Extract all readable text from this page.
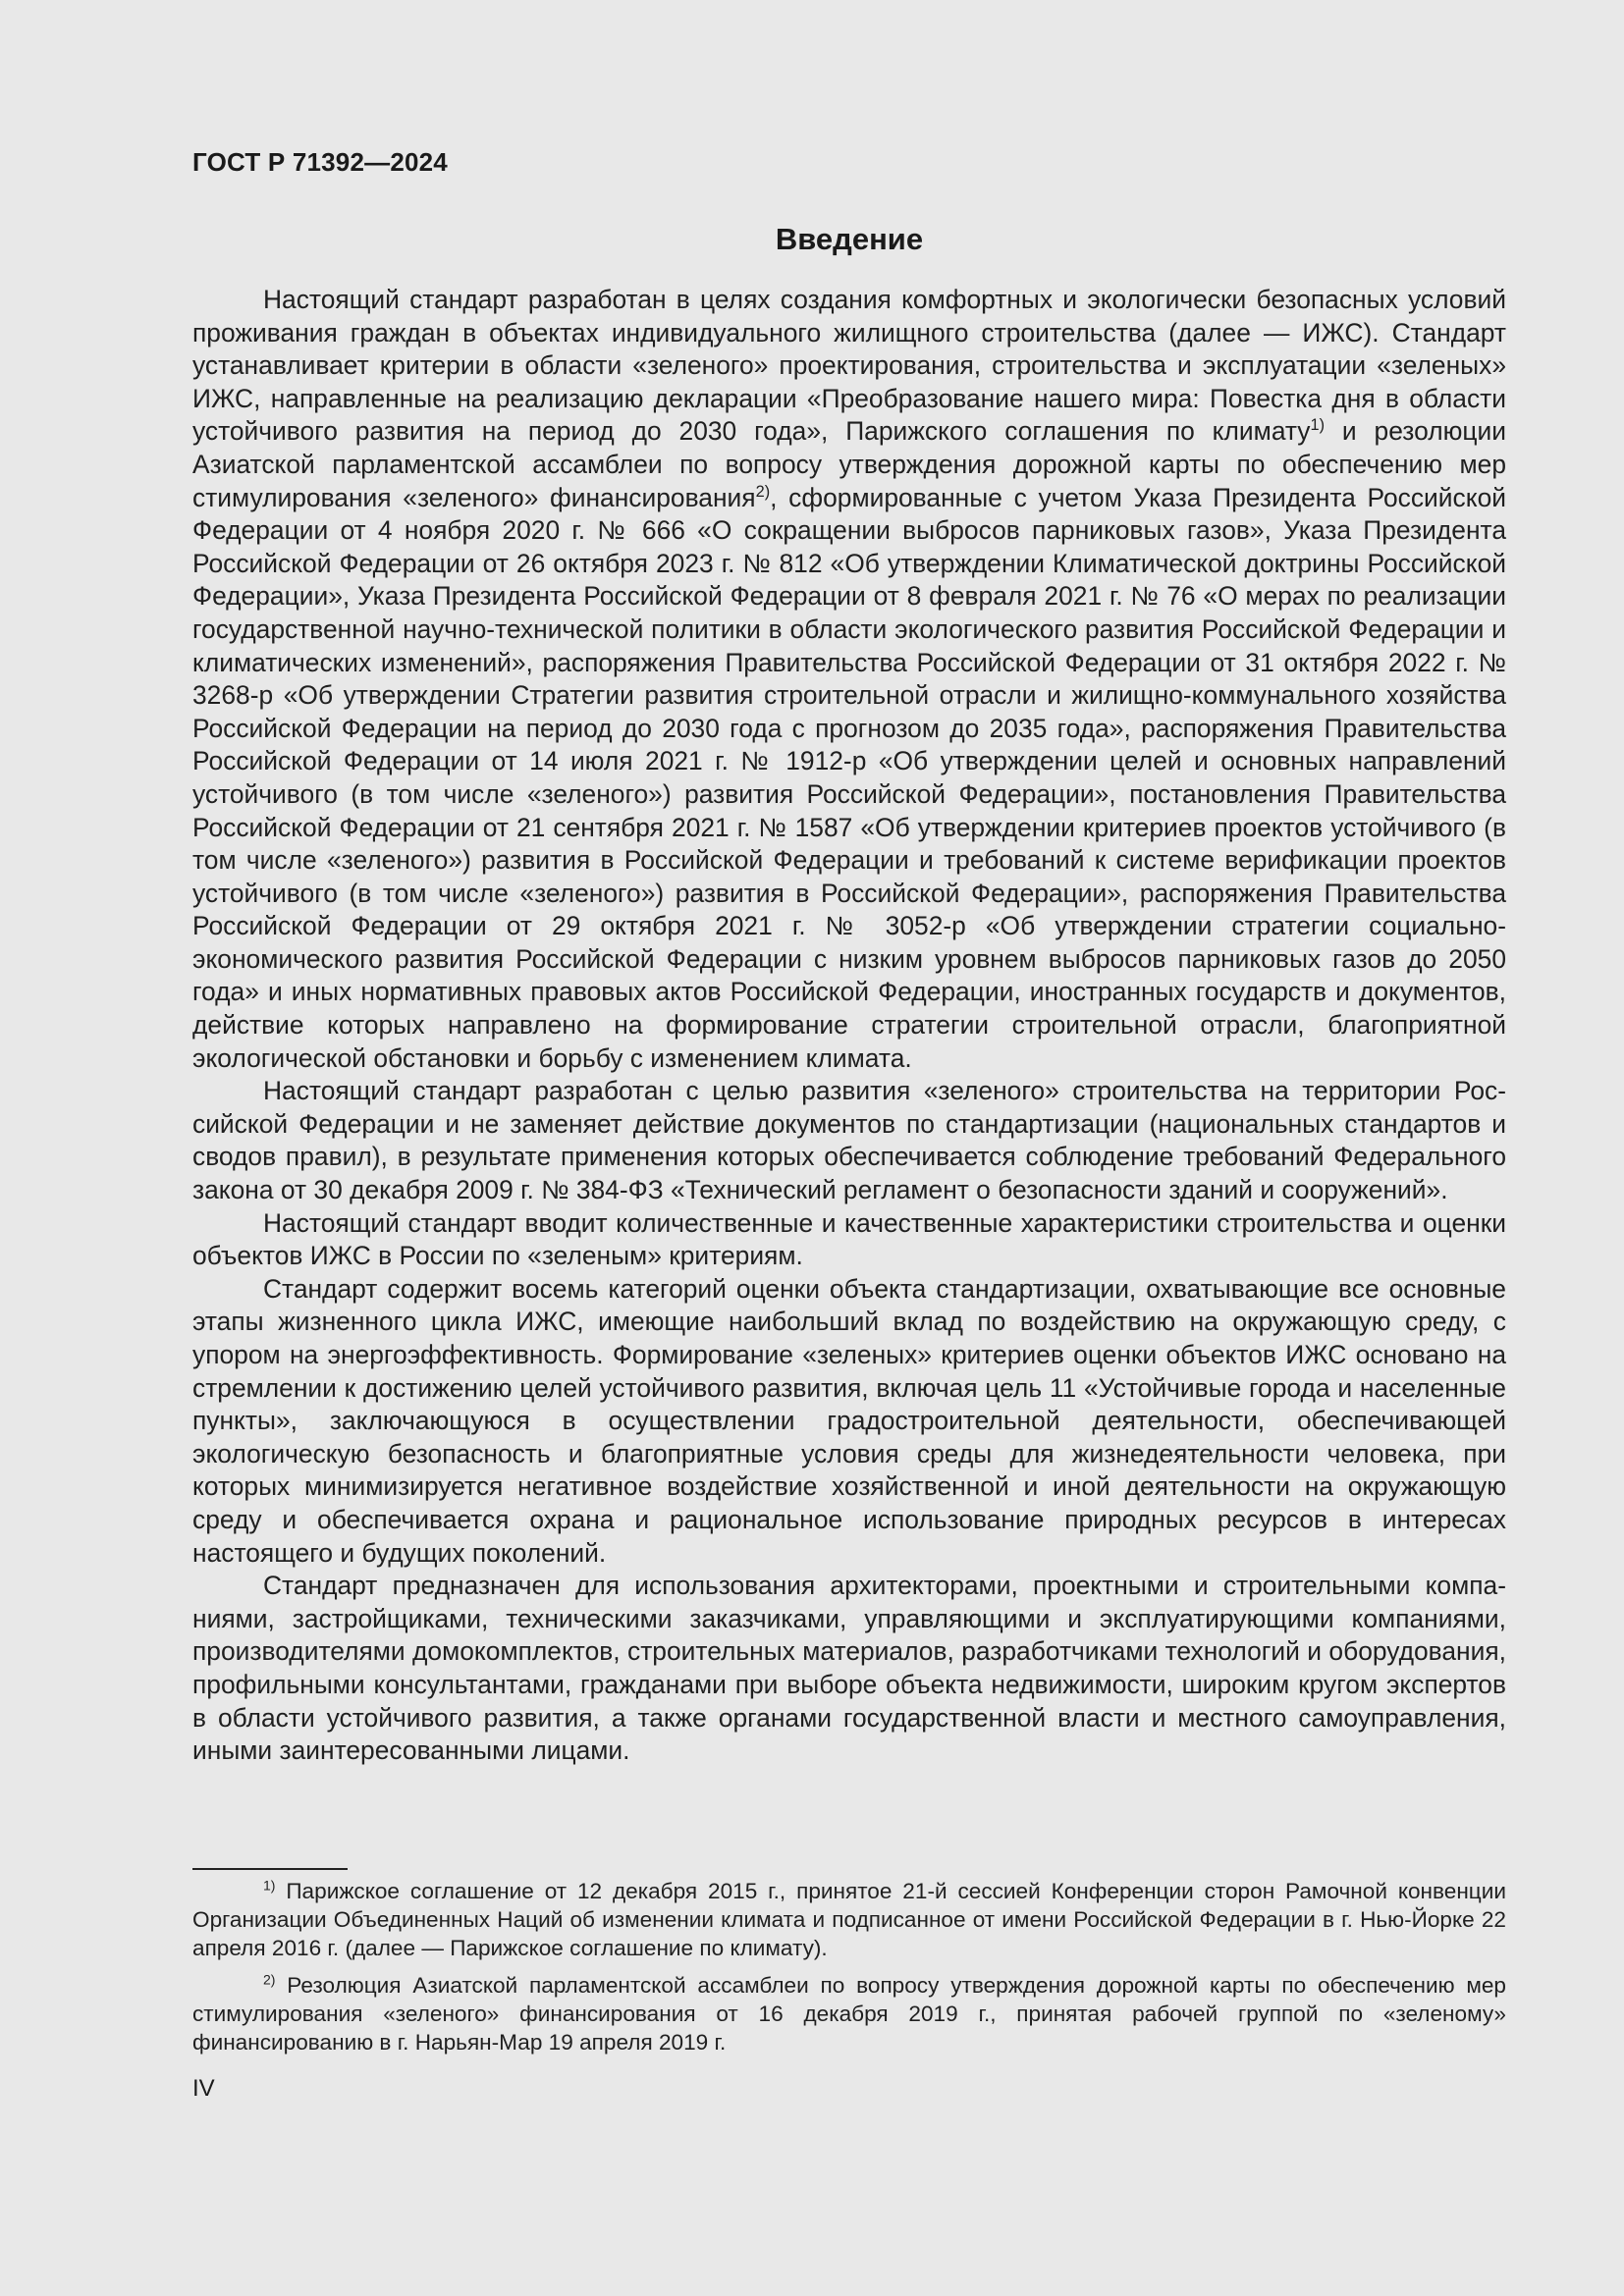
ГОСТ Р 71392—2024
Введение

Настоящий стандарт разработан в целях создания комфортных и экологически безопасных условий проживания граждан в объектах индивидуального жилищного строительства (далее — ИЖС). Стандарт устанавливает критерии в области «зеленого» проектирования, строительства и эксплуатации «зеленых» ИЖС, направленные на реализацию декларации «Преобразование нашего мира: Повестка дня в области устойчивого развития на период до 2030 года», Парижского соглашения по климату$^{1)}$ и резолюции Азиатской парламентской ассамблеи по вопросу утверждения дорожной карты по обеспечению мер стимулирования «зеленого» финансирования$^{2)}$, сформированные с учетом Указа Президента Российской Федерации от 4 ноября 2020 г. № 666 «О сокращении выбросов парниковых газов», Указа Президента Российской Федерации от 26 октября 2023 г. № 812 «Об утверждении Климатической доктрины Российской Федерации», Указа Президента Российской Федерации от 8 февраля 2021 г. № 76 «О мерах по реализации государственной научно-технической политики в области экологического развития Российской Федерации и климатических изменений», распоряжения Правительства Российской Федерации от 31 октября 2022 г. № 3268-р «Об утверждении Стратегии развития строительной отрасли и жилищно-коммунального хозяйства Российской Федерации на период до 2030 года с прогнозом до 2035 года», распоряжения Правительства Российской Федерации от 14 июля 2021 г. № 1912-р «Об утверждении целей и основных направлений устойчивого (в том числе «зеленого») развития Российской Федерации», постановления Правительства Российской Федерации от 21 сентября 2021 г. № 1587 «Об утверждении критериев проектов устойчивого (в том числе «зеленого») развития в Российской Федерации и требований к системе верификации проектов устойчивого (в том числе «зеленого») развития в Российской Федерации», распоряжения Правительства Российской Федерации от 29 октября 2021 г. № 3052-р «Об утверждении стратегии социально-экономического развития Российской Федерации с низким уровнем выбросов парниковых газов до 2050 года» и иных нормативных правовых актов Российской Федерации, иностранных государств и документов, действие которых направлено на формирование стратегии строительной отрасли, благоприятной экологической обстановки и борьбу с изменением климата.

Настоящий стандарт разработан с целью развития «зеленого» строительства на территории Российской Федерации и не заменяет действие документов по стандартизации (национальных стандартов и сводов правил), в результате применения которых обеспечивается соблюдение требований Федерального закона от 30 декабря 2009 г. № 384-ФЗ «Технический регламент о безопасности зданий и сооружений».

Настоящий стандарт вводит количественные и качественные характеристики строительства и оценки объектов ИЖС в России по «зеленым» критериям.

Стандарт содержит восемь категорий оценки объекта стандартизации, охватывающие все основные этапы жизненного цикла ИЖС, имеющие наибольший вклад по воздействию на окружающую среду, с упором на энергоэффективность. Формирование «зеленых» критериев оценки объектов ИЖС основано на стремлении к достижению целей устойчивого развития, включая цель 11 «Устойчивые города и населенные пункты», заключающуюся в осуществлении градостроительной деятельности, обеспечивающей экологическую безопасность и благоприятные условия среды для жизнедеятельности человека, при которых минимизируется негативное воздействие хозяйственной и иной деятельности на окружающую среду и обеспечивается охрана и рациональное использование природных ресурсов в интересах настоящего и будущих поколений.

Стандарт предназначен для использования архитекторами, проектными и строительными компаниями, застройщиками, техническими заказчиками, управляющими и эксплуатирующими компаниями, производителями домокомплектов, строительных материалов, разработчиками технологий и оборудования, профильными консультантами, гражданами при выборе объекта недвижимости, широким кругом экспертов в области устойчивого развития, а также органами государственной власти и местного самоуправления, иными заинтересованными лицами.

$^{1)}$ Парижское соглашение от 12 декабря 2015 г., принятое 21-й сессией Конференции сторон Рамочной конвенции Организации Объединенных Наций об изменении климата и подписанное от имени Российской Федерации в г. Нью-Йорке 22 апреля 2016 г. (далее — Парижское соглашение по климату).

$^{2)}$ Резолюция Азиатской парламентской ассамблеи по вопросу утверждения дорожной карты по обеспечению мер стимулирования «зеленого» финансирования от 16 декабря 2019 г., принятая рабочей группой по «зеленому» финансированию в г. Нарьян-Мар 19 апреля 2019 г.

IV
